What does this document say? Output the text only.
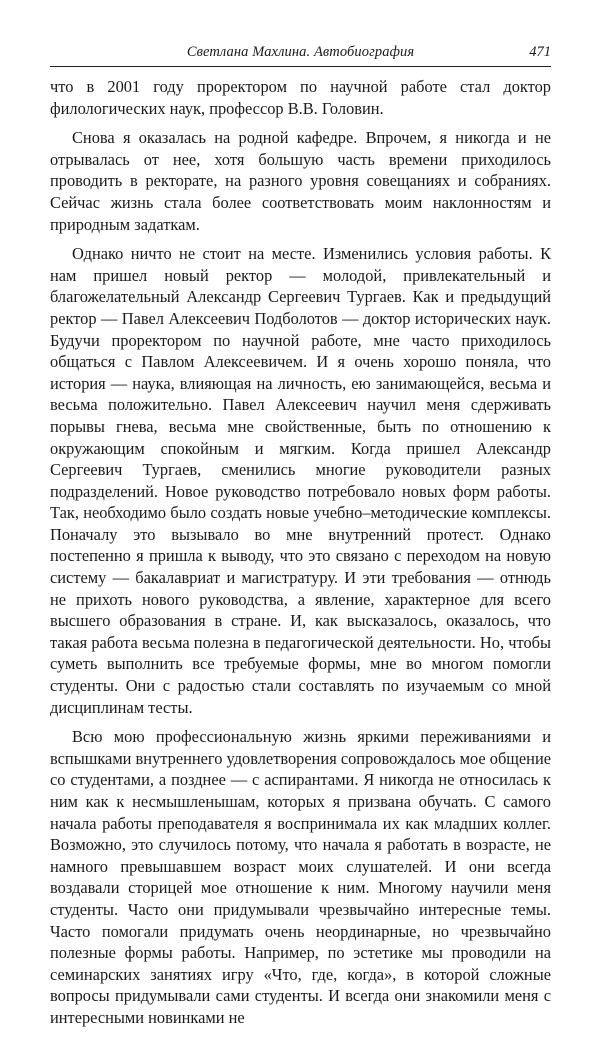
Светлана Махлина. Автобиография	471

что в 2001 году проректором по научной работе стал доктор филологических наук, профессор В.В. Головин.

Снова я оказалась на родной кафедре. Впрочем, я никогда и не отрывалась от нее, хотя большую часть времени приходилось проводить в ректорате, на разного уровня совещаниях и собраниях. Сейчас жизнь стала более соответствовать моим наклонностям и природным задаткам.

Однако ничто не стоит на месте. Изменились условия работы. К нам пришел новый ректор — молодой, привлекательный и благожелательный Александр Сергеевич Тургаев. Как и предыдущий ректор — Павел Алексеевич Подболотов — доктор исторических наук. Будучи проректором по научной работе, мне часто приходилось общаться с Павлом Алексеевичем. И я очень хорошо поняла, что история — наука, влияющая на личность, ею занимающейся, весьма и весьма положительно. Павел Алексеевич научил меня сдерживать порывы гнева, весьма мне свойственные, быть по отношению к окружающим спокойным и мягким. Когда пришел Александр Сергеевич Тургаев, сменились многие руководители разных подразделений. Новое руководство потребовало новых форм работы. Так, необходимо было создать новые учебно–методические комплексы. Поначалу это вызывало во мне внутренний протест. Однако постепенно я пришла к выводу, что это связано с переходом на новую систему — бакалавриат и магистратуру. И эти требования — отнюдь не прихоть нового руководства, а явление, характерное для всего высшего образования в стране. И, как высказалось, оказалось, что такая работа весьма полезна в педагогической деятельности. Но, чтобы суметь выполнить все требуемые формы, мне во многом помогли студенты. Они с радостью стали составлять по изучаемым со мной дисциплинам тесты.

Всю мою профессиональную жизнь яркими переживаниями и вспышками внутреннего удовлетворения сопровождалось мое общение со студентами, а позднее — с аспирантами. Я никогда не относилась к ним как к несмышленышам, которых я призвана обучать. С самого начала работы преподавателя я воспринимала их как младших коллег. Возможно, это случилось потому, что начала я работать в возрасте, не намного превышавшем возраст моих слушателей. И они всегда воздавали сторицей мое отношение к ним. Многому научили меня студенты. Часто они придумывали чрезвычайно интересные темы. Часто помогали придумать очень неординарные, но чрезвычайно полезные формы работы. Например, по эстетике мы проводили на семинарских занятиях игру «Что, где, когда», в которой сложные вопросы придумывали сами студенты. И всегда они знакомили меня с интересными новинками не
